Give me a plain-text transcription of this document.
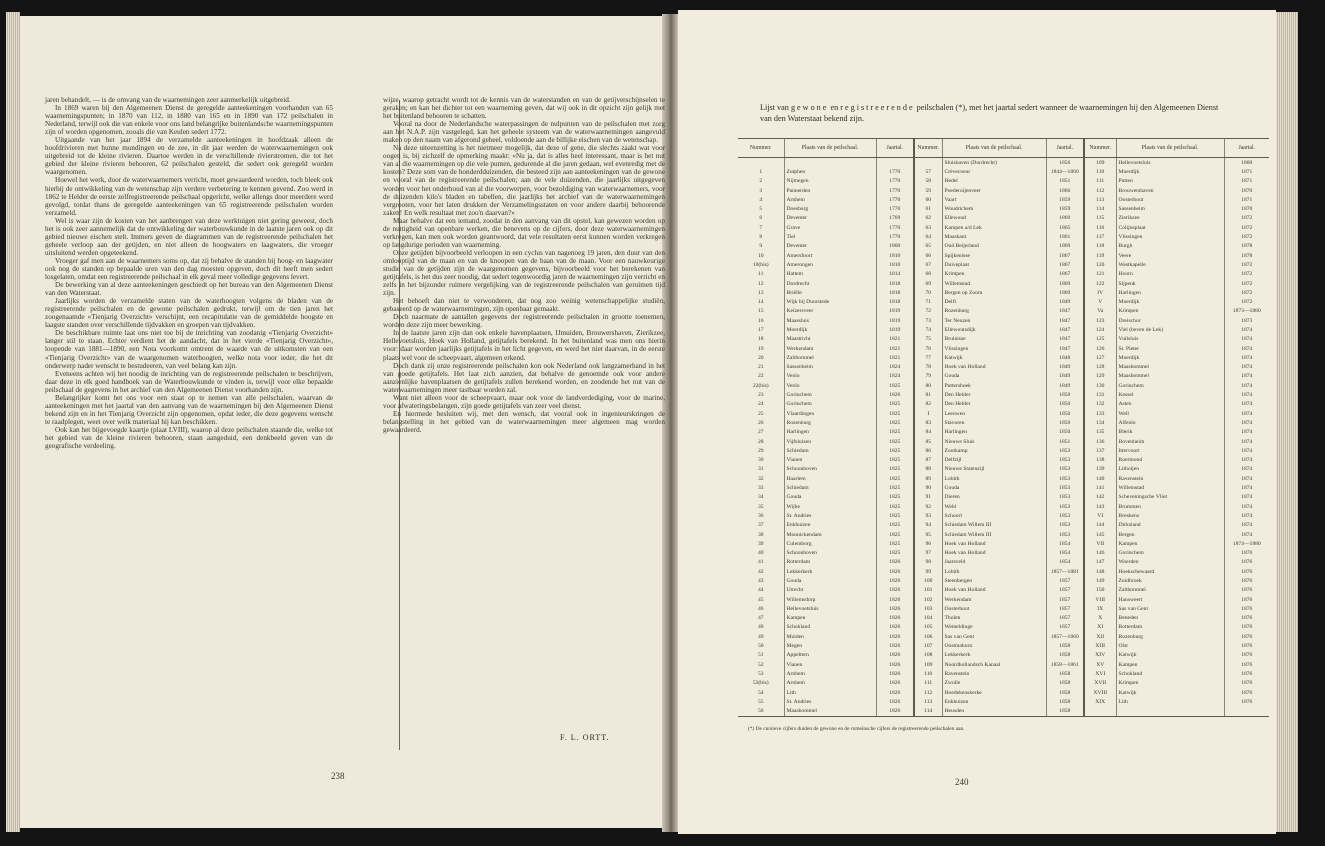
jaren behandelt, — is de omvang van de waarnemingen zeer aanmerkelijk uitgebreid.

In 1869 waren bij den Algemeenen Dienst de geregelde aanteekeningen voorhanden van 65 waarnemingspunten; in 1870 van 112, in 1880 van 165 en in 1890 van 172 peilschalen in Nederland, terwijl ook die van enkele voor ons land belangrijke buitenlandsche waarnemingspunten zijn of worden opgenomen, zooals die van Keulen sedert 1772.

Uitgaande van het jaar 1894 de verzamelde aanteekeningen in hoofdzaak alleen de hoofdrivieren met hunne mondingen en de zee, in dit jaar werden de waterwaarnemingen ook uitgebreid tot de kleine rivieren. Daartoe werden in de verschillende rivierstromen, die tot het gebied der kleine rivieren behooren, 62 peilschalen gesteld, die sedert ook geregeld worden waargenomen.

Hoewel het werk, door de waterwaarnemers verricht, moet gewaardeerd worden, toch bleek ook hierbij de ontwikkeling van de wetenschap zijn verdere verbetering te kennen gevend. Zoo werd in 1862 te Helder de eerste zelfregistreerende peilschaal opgericht, welke allengs door meerdere werd gevolgd, totdat thans de geregelde aanteekeningen van 65 registreerende peilschalen worden verzameld.

Wel is waar zijn de kosten van het aanbrengen van deze werktuigen niet gering geweest, doch het is ook zeer aannemelijk dat de ontwikkeling der waterbouwkunde in de laatste jaren ook op dit gebied nieuwe eischen stelt. Immers geven de diagrammen van de registreerende peilschalen het geheele verloop aan der getijden, en niet alleen de hoogwaters en laagwaters, die vroeger uitsluitend werden opgeteekend.

Vroeger gaf men aan de waarnemers soms op, dat zij behalve de standen bij hoog- en laagwater ook nog de standen op bepaalde uren van den dag moesten opgeven, doch dit heeft men sedert losgelaten, omdat een registreerende peilschaal in elk geval meer volledige gegevens levert.

De bewerking van al deze aanteekeningen geschiedt op het bureau van den Algemeenen Dienst van den Waterstaat.

Jaarlijks worden de verzamelde staten van de waterhoogten volgens de bladen van de registreerende peilschalen en de gewone peilschalen gedrukt, terwijl om de tien jaren het zoogenaamde «Tienjarig Overzicht» verschijnt, een recapitulatie van de gemiddelde hoogste en laagste standen over verschillende tijdvakken en groepen van tijdvakken.

De beschikbare ruimte laat ons niet toe bij de inrichting van zoodanig «Tienjarig Overzicht» langer stil te staan. Echter verdient het de aandacht, dat in het vierde «Tienjarig Overzicht», loopende van 1881—1890, een Nota voorkomt omtrent de waarde van de uitkomsten van een «Tienjarig Overzicht» van de waargenomen waterhoogten, welke nota voor ieder, die het dit onderwerp nader wenscht te bestudeeren, van veel belang kan zijn.

Eveneens achten wij het noodig de inrichting van de registreerende peilschalen te beschrijven, daar deze in elk goed handboek van de Waterbouwkunde te vinden is, terwijl voor elke bepaalde peilschaal de gegevens in het archief van den Algemeenen Dienst voorhanden zijn.

Belangrijker komt het ons voor een staat op te nemen van alle peilschalen, waarvan de aanteekeningen met het jaartal van den aanvang van de waarnemingen bij den Algemeenen Dienst bekend zijn en in het Tienjarig Overzicht zijn opgenomen, opdat ieder, die deze gegevens wenscht te raadplegen, weet over welk materiaal hij kan beschikken.

Ook kan het bijgevoegde kaartje (plaat LVIII), waarop al deze peilschalen staande die, welke tot het gebied van de kleine rivieren behooren, staan aangeduid, een denkbeeld geven van de geografische verdeeling.

wijze, waarop getracht wordt tot de kennis van de waterstanden en van de getijverschijnselen te geraken; en kan het dichter tot een waarneming geven, dat wij ook in dit opzicht zijn gelijk met het buitenland behooren te schatten.

Vooral na door de Nederlandsche waterpassingen de nulpunten van de peilschalen met zorg aan het N.A.P. zijn vastgelegd, kan het geheele systeem van de waterwaarnemingen aangevuld maken op den naam van afgerond geheel, voldoende aan de billijke eischen van de wetenschap.

Na deze uiteenzetting is het nietmeer mogelijk, dat deze of gene, die slechts zaakt wat voor oogen is, bij zichzelf de opmerking maakt: «Nu ja, dat is alles heel interessant, maar is het nut van al die waarnemingen op die vele punten, gedurende al die jaren gedaan, wel evenredig met de kosten? Deze som van de honderdduizenden, die besteed zijn aan aanteekeningen van de gewone en vooral van de registreerende peilschalen; aan de vele duizenden, die jaarlijks uitgegeven worden voor het onderhoud van al die voorwerpen, voor bezoldiging van waterwaarnemers, voor de duizenden kilo's bladen en tabellen, die jaarlijks het archief van de waterwaarnemingen vergrooten, voor het laten drukken der Verzamelingsstaten en voor andere daarbij behoorende zaken! En welk resultaat met zoo'n daarvan?»

Maar behalve dat een iemand, zoodat in den aanvang van dit opstel, kan gewezen worden op de nuttigheid van openbare werken, die benevens op de cijfers, door deze waterwaarnemingen verkregen, kan men ook worden geantwoord, dat vele resultaten eerst kunnen worden verkregen op langdurige perioden van waarneming.

Onze getijden bijvoorbeeld verloopen in een cyclus van nagenoeg 19 jaren, den duur van den omlooptijd van de maan en van de knoopen van de baan van de maan. Voor een nauwkeurige studie van de getijden zijn de waargenomen gegevens, bijvoorbeeld voor het berekenen van getijtafels, is het dus zeer noodig, dat sedert tegenwoordig jaren de waarnemingen zijn verricht en zelfs in het bijzonder ruimere vergelijking van de registreerende peilschalen van geruimen tijd zijn.

Het behoeft dan niet te verwonderen, dat nog zoo weinig wetenschappelijke studiën, gebaseerd op de waterwaarnemingen, zijn openbaar gemaakt.

Doch naarmate de aantallen gegevens der registreerende peilschalen in grootte toenemen, worden deze zijn meer bewerking.

In de laatste jaren zijn dan ook enkele havenplaatsen, IJmuiden, Brouwershaven, Zierikzee, Hellevoetsluis, Hoek van Holland, getijtafels berekend. In het buitenland was men ons hierin voor: daar worden jaarlijks getijtafels in het licht gegeven, en werd het niet daarvan, in de eerste plaats wel voor de scheepvaart, algemeen erkend.

Doch dank zij onze registreerende peilschalen kon ook Nederland ook langzamerhand in het van goede getijtafels. Het laat zich aanzien, dat behalve de genoemde ook voor andere aanzienlijke havenplaatsen de getijtafels zullen berekend worden, en zoodende het nut van de waterwaarnemingen meer tastbaar worden zal.

Want niet alleen voor de scheepvaart, maar ook voor de landverdediging, voor de marine, voor afwateringsbelangen, zijn goede getijtafels van zeer veel dienst.

En hiermede besluiten wij, met den wensch, dat vooral ook in ingenieurskringen de belangstelling in het gebied van de waterwaarnemingen meer algemeen mag worden gewaardeerd.

F. L. ORTT.
238
Lijst van gewone en registreerende peilschalen (*), met het jaartal sedert wanneer de waarnemingen bij den Algemeenen Dienst van den Waterstaat bekend zijn.
Nummer.	Plaats van de peilschaal.	Jaartal.	Nummer.	Plaats van de peilschaal.	Jaartal.	Nummer.	Plaats van de peilschaal.	Jaartal.
				Sluishaven (Dordrecht)	1856	109	Hellevoetsluis	1800
1	Zutphen	1770	57	Crèvecoeur	1844—1860	110	Moerdijk	1871
2	Nijmegen	1770	58	Hedel	1851	111	Putten	1871
3	Pannerden	1770	59	Poederoijenveer	1866	112	Brouwershaven	1870
4	Arnhem	1770	60	Vaart	1859	113	Oosterhout	1871
5	Doesburg	1770	61	Woudrichem	1859	114	Sassenheim	1870
6	Deventer	1769	62	Ellewoud	1869	115	Zierikzee	1872
7	Grave	1770	63	Kampen a/d Lek	1865	116	Colijnsplaat	1872
8	Tiel	1770	64	Maaskant	1861	117	Vlissingen	1872
9	Deventer	1800	65	Oud Beijerland	1869	118	Burgh	1878
10	Amersfoort	1810	66	Spijkenisse	1867	119	Veere	1878
10(bis)	Amerongen	1810	67	Duiveplaat	1867	120	Westkapelle	1872
11	Hattem	1814	68	Krimpen	1867	121	Hoorn	1872
12	Dordrecht	1818	69	Willemstad	1869	122	Sijpenk	1872
13	Briëlle	1818	70	Bergen op Zoom	1869	IV	Harlingen	1872
14	Wijk bij Duurstede	1818	71	Delft	1849	V	Moerdijk	1872
15	Keizersveer	1819	72	Rozenburg	1847	Va	Krimpen	1873—1880
16	Maassluis	1819	73	Ter Neuzen	1847	123	Dreischor	1873
17	Moerdijk	1819	74	Ellewoutsdijk	1847	124	Viel (beven de Lek)	1874
18	Maastricht	1821	75	Bruinisse	1847	125	Vuilsluis	1874
19	Werkendam	1821	76	Vlissingen	1847	126	St. Pieter	1874
20	Zaltbommel	1821	77	Katwijk	1848	127	Moerdijk	1874
21	Sassenheim	1824	78	Hoek van Holland	1849	128	Maasbommel	1874
22	Venlo	1824	79	Gouda	1849	129	Maasbommel	1874
22(bis)	Venlo	1825	80	Puttershoek	1849	130	Gorinchem	1874
23	Gorinchem	1826	81	Den Helder	1850	131	Kessel	1874
24	Gorinchem	1825	82	Den Helder	1850	132	Asten	1874
25	Vlaardingen	1825	I	Leeuwen	1850	133	Well	1874
26	Rozenburg	1825	83	Stavoren	1850	134	Alfenlo	1874
27	Harlingen	1825	84	Harlingen	1850	135	Blerik	1874
28	Vijfsluizen	1825	85	Nieuwe Sluis	1851	136	Bovenheim	1874
29	Schiedam	1825	86	Zoutkamp	1853	137	Ittervoort	1874
30	Vianen	1825	87	Delfzijl	1853	138	Roermond	1874
31	Schoonhoven	1825	88	Nieuwe Statenzijl	1853	139	Lithoijen	1874
32	Haarlem	1825	89	Lobith	1853	140	Ravenstein	1874
33	Schiedam	1825	90	Gouda	1853	141	Willemstad	1874
34	Gouda	1825	91	Dieren	1853	142	Scheveningsche Vliet	1874
35	Wijhe	1825	92	Wehl	1853	143	Brummen	1874
36	St. Andries	1825	93	Schoorl	1853	VI	Breskens	1874
37	Enkhuizen	1825	94	Schiedam Willem III	1853	144	Dirksland	1874
38	Monnickendam	1825	95	Schiedam Willem III	1853	145	Bergen	1874
39	Culemborg	1825	96	Hoek van Holland	1854	VII	Kampen	1874—1880
40	Schoonhoven	1825	97	Hoek van Holland	1854	146	Gorinchem	1876
41	Rotterdam	1826	98	Jaarsveld	1854	147	Woerden	1876
42	Lekkerkerk	1826	99	Lobith	1857—1881	148	Hoekschewaard	1876
43	Gouda	1826	100	Steenbergen	1857	149	Zuidbroek	1876
44	Utrecht	1826	101	Hoek van Holland	1857	150	Zaltbommel	1876
45	Willemsdorp	1826	102	Werkendam	1857	VIII	Hansweert	1876
46	Hellevoetsluis	1826	103	Oosterhout	1857	IX	Sas van Gent	1876
47	Kampen	1826	104	Tholen	1857	X	Beneden	1876
48	Schokland	1826	105	Wemeldinge	1857	XI	Rotterdam	1876
49	Muiden	1826	106	Sas van Gent	1857—1860	XII	Rozenburg	1876
50	Megen	1826	107	Oostmahorn	1858	XIII	Olst	1876
51	Appeltern	1826	108	Lekkerkerk	1858	XIV	Katwijk	1876
52	Vianen	1826	109	Noordhollandsch Kanaal	1858—1861	XV	Kampen	1876
53	Arnhem	1826	110	Ravenstein	1858	XVI	Schokland	1876
53(bis)	Arnhem	1826	111	Zwolle	1858	XVII	Krimpen	1876
54	Lith	1826	112	Hoedekenskerke	1858	XVIII	Katwijk	1876
55	St. Andries	1826	113	Enkhuizen	1858	XIX	Lith	1876
56	Maasbommel	1826	114	Heusden	1858			
(*) De cursieve cijfers duiden de gewone en de romeinsche cijfers de registreerende peilschalen aan.
240
